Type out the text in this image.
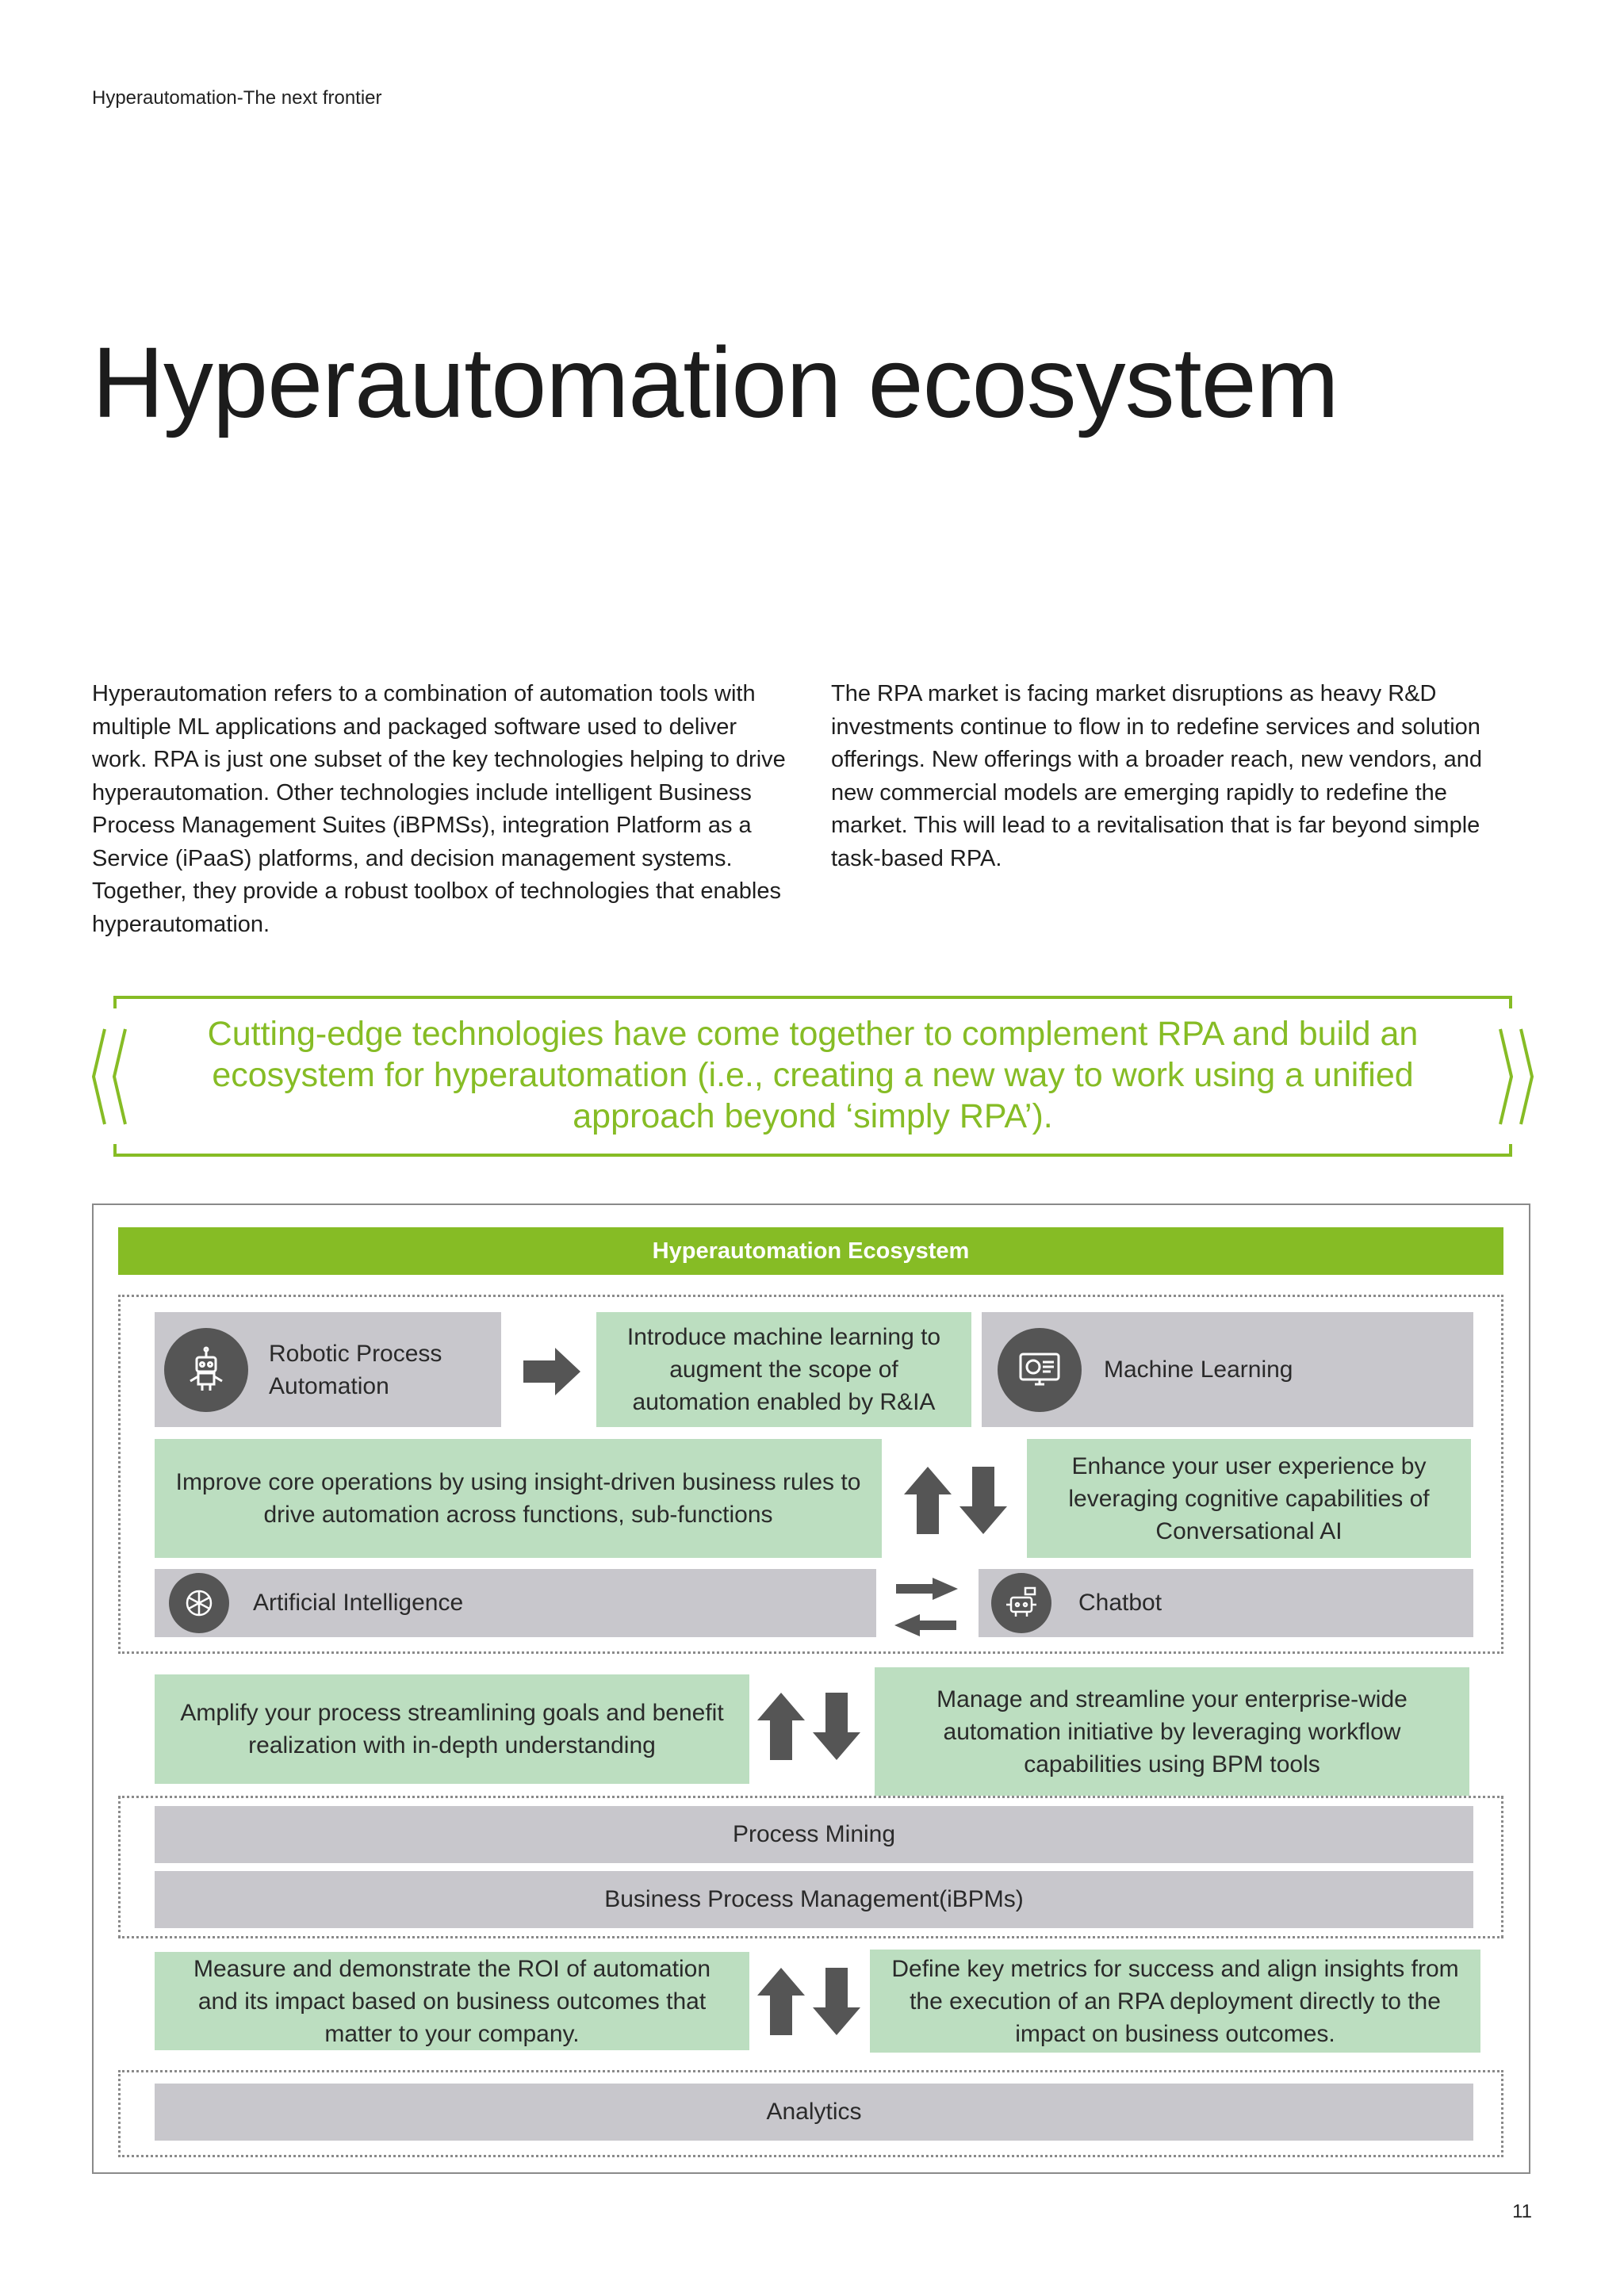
Hyperautomation-The next frontier
Hyperautomation ecosystem
Hyperautomation refers to a combination of automation tools with multiple ML applications and packaged software used to deliver work. RPA is just one subset of the key technologies helping to drive hyperautomation. Other technologies include intelligent Business Process Management Suites (iBPMSs), integration Platform as a Service (iPaaS) platforms, and decision management systems. Together, they provide a robust toolbox of technologies that enables hyperautomation.
The RPA market is facing market disruptions as heavy R&D investments continue to flow in to redefine services and solution offerings. New offerings with a broader reach, new vendors, and new commercial models are emerging rapidly to redefine the market. This will lead to a revitalisation that is far beyond simple task-based RPA.
Cutting-edge technologies have come together to complement RPA and build an ecosystem for hyperautomation (i.e., creating a new way to work using a unified approach beyond ‘simply RPA’).
Hyperautomation Ecosystem
Robotic Process Automation
Introduce machine learning to augment the scope of automation enabled by R&IA
Machine Learning
Improve core operations by using insight-driven business rules to drive automation across functions, sub-functions
Enhance your user experience by leveraging cognitive capabilities of Conversational AI
Artificial Intelligence	Chatbot
Amplify your process streamlining goals and benefit realization with in-depth understanding
Manage and streamline your enterprise-wide automation initiative by leveraging workflow capabilities using BPM tools
Process Mining
Business Process Management(iBPMs)
Measure and demonstrate the ROI of automation and its impact based on business outcomes that matter to your company.
Define key metrics for success and align insights from the execution of an RPA deployment directly to the impact on business outcomes.
Analytics
11
